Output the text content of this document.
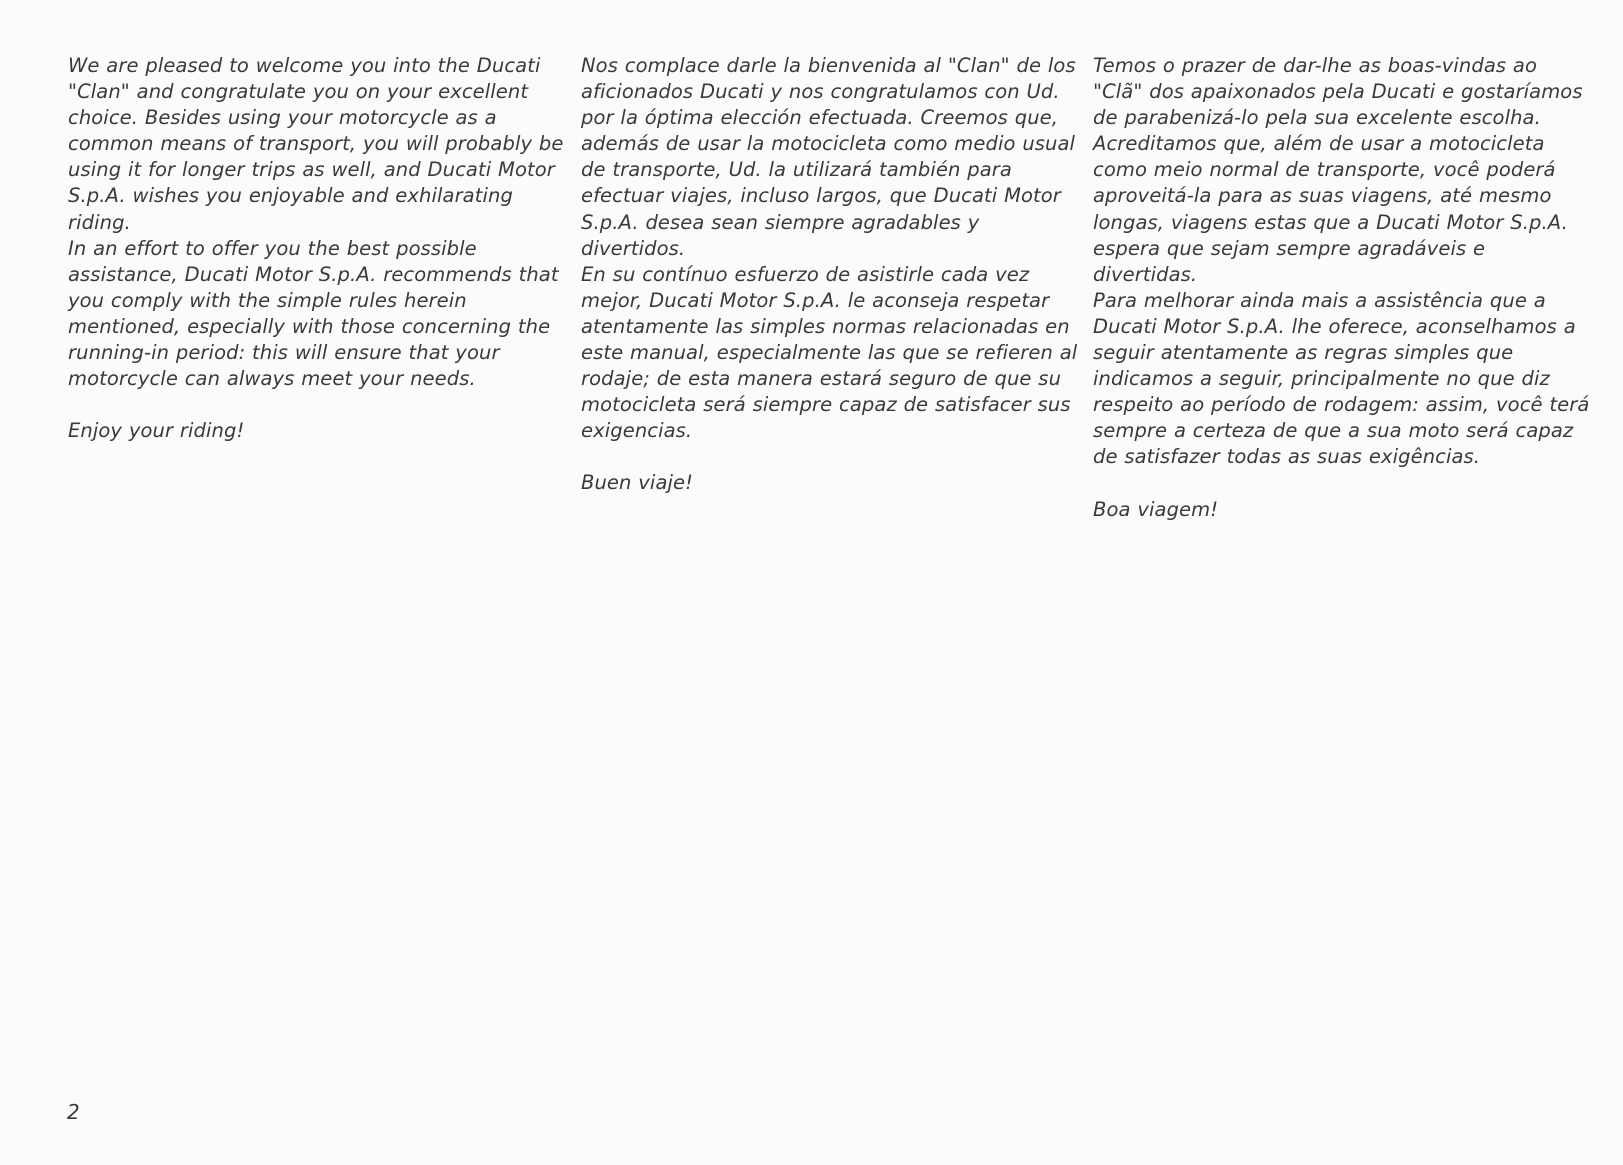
We are pleased to welcome you into the Ducati "Clan" and congratulate you on your excellent choice. Besides using your motorcycle as a common means of transport, you will probably be using it for longer trips as well, and Ducati Motor S.p.A. wishes you enjoyable and exhilarating riding.

In an effort to offer you the best possible assistance, Ducati Motor S.p.A. recommends that you comply with the simple rules herein mentioned, especially with those concerning the running-in period: this will ensure that your motorcycle can always meet your needs.

Enjoy your riding!

Nos complace darle la bienvenida al "Clan" de los aficionados Ducati y nos congratulamos con Ud. por la óptima elección efectuada. Creemos que, además de usar la motocicleta como medio usual de transporte, Ud. la utilizará también para efectuar viajes, incluso largos, que Ducati Motor S.p.A. desea sean siempre agradables y divertidos.

En su contínuo esfuerzo de asistirle cada vez mejor, Ducati Motor S.p.A. le aconseja respetar atentamente las simples normas relacionadas en este manual, especialmente las que se refieren al rodaje; de esta manera estará seguro de que su motocicleta será siempre capaz de satisfacer sus exigencias.

Buen viaje!

Temos o prazer de dar-lhe as boas-vindas ao "Clã" dos apaixonados pela Ducati e gostaríamos de parabenizá-lo pela sua excelente escolha. Acreditamos que, além de usar a motocicleta como meio normal de transporte, você poderá aproveitá-la para as suas viagens, até mesmo longas, viagens estas que a Ducati Motor S.p.A. espera que sejam sempre agradáveis e divertidas.

Para melhorar ainda mais a assistência que a Ducati Motor S.p.A. lhe oferece, aconselhamos a seguir atentamente as regras simples que indicamos a seguir, principalmente no que diz respeito ao período de rodagem: assim, você terá sempre a certeza de que a sua moto será capaz de satisfazer todas as suas exigências.

Boa viagem!

2
